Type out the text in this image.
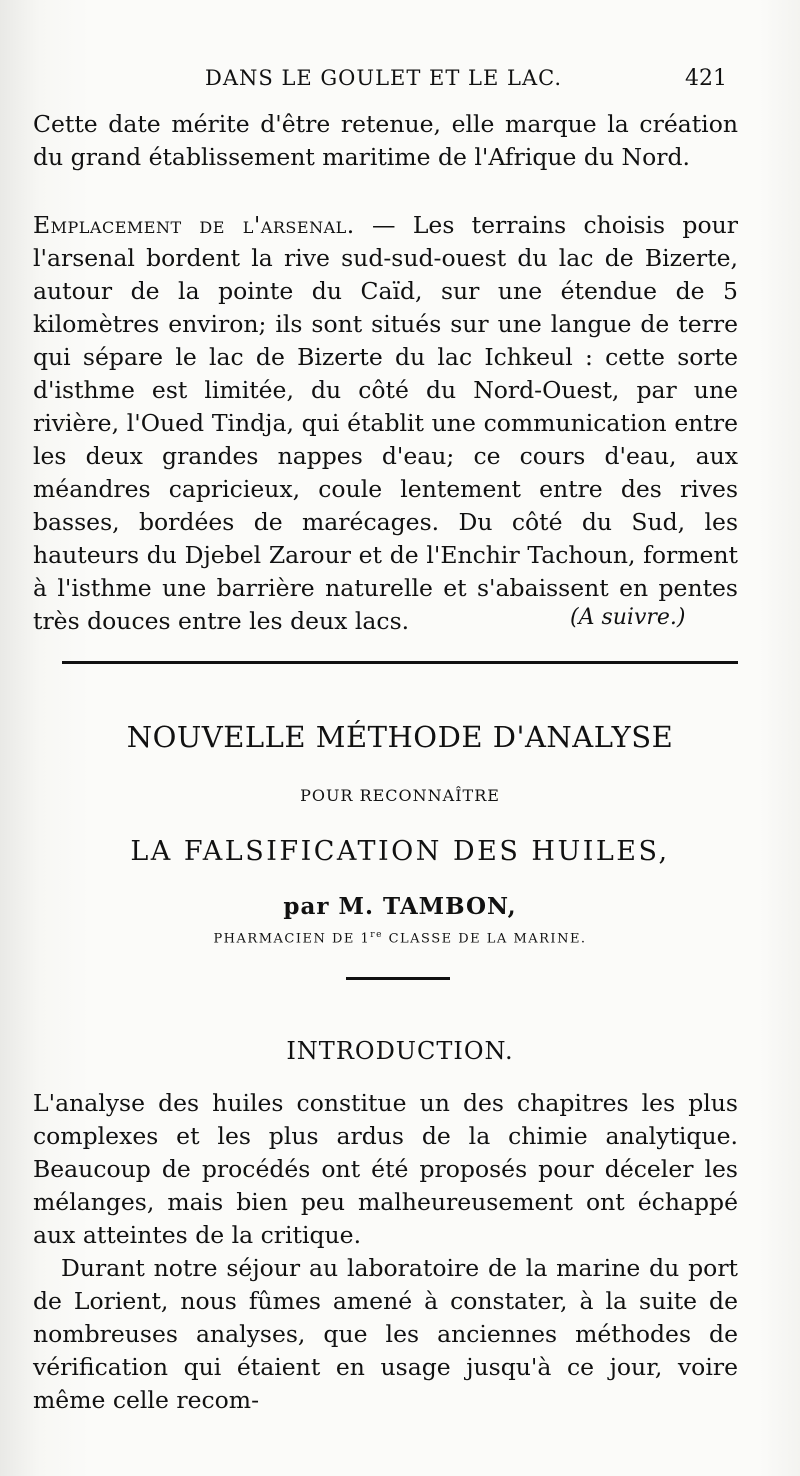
DANS LE GOULET ET LE LAC.	421

Cette date mérite d'être retenue, elle marque la création du grand établissement maritime de l'Afrique du Nord.

Emplacement de l'arsenal. — Les terrains choisis pour l'arsenal bordent la rive sud-sud-ouest du lac de Bizerte, autour de la pointe du Caïd, sur une étendue de 5 kilomètres environ; ils sont situés sur une langue de terre qui sépare le lac de Bizerte du lac Ichkeul : cette sorte d'isthme est limitée, du côté du Nord-Ouest, par une rivière, l'Oued Tindja, qui établit une communication entre les deux grandes nappes d'eau; ce cours d'eau, aux méandres capricieux, coule lentement entre des rives basses, bordées de marécages. Du côté du Sud, les hauteurs du Djebel Zarour et de l'Enchir Tachoun, forment à l'isthme une barrière naturelle et s'abaissent en pentes très douces entre les deux lacs.	(A suivre.)
NOUVELLE MÉTHODE D'ANALYSE
POUR RECONNAÎTRE
LA FALSIFICATION DES HUILES,
par M. TAMBON,
PHARMACIEN DE 1re CLASSE DE LA MARINE.
INTRODUCTION.

L'analyse des huiles constitue un des chapitres les plus complexes et les plus ardus de la chimie analytique. Beaucoup de procédés ont été proposés pour déceler les mélanges, mais bien peu malheureusement ont échappé aux atteintes de la critique.

Durant notre séjour au laboratoire de la marine du port de Lorient, nous fûmes amené à constater, à la suite de nombreuses analyses, que les anciennes méthodes de vérification qui étaient en usage jusqu'à ce jour, voire même celle recom-
